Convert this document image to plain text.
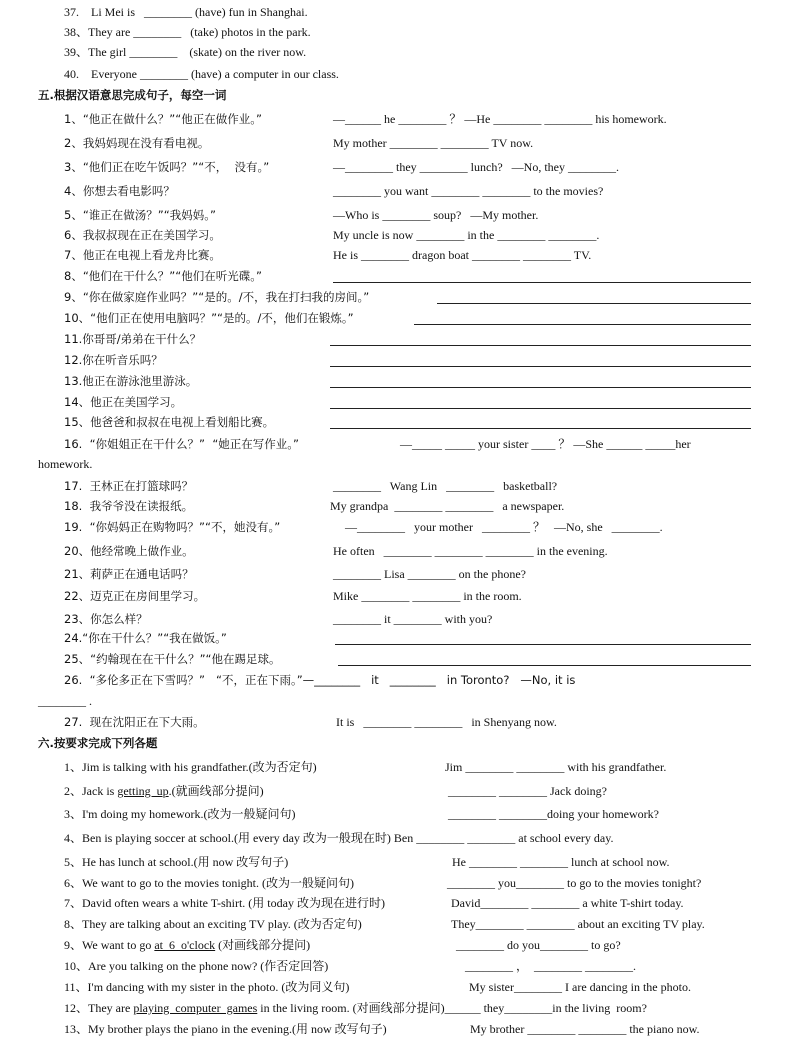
37.    Li Mei is   ________ (have) fun in Shanghai.
38、They are ________   (take) photos in the park.
39、The girl ________    (skate) on the river now.
40.    Everyone ________ (have) a computer in our class.
五.根据汉语意思完成句子，每空一词
1、“他正在做什么？”“他正在做作业。”	—______ he ________ ？ —He ________ ________ his homework.
2、我妈妈现在没有看电视。	My mother ________ ________ TV now.
3、“他们正在吃午饭吗？”“不，  没有。”	—________ they ________ lunch?   —No, they ________.
4、你想去看电影吗？	________ you want ________ ________ to the movies?
5、“谁正在做汤？”“我妈妈。”	—Who is ________ soup?   —My mother.
6、我叔叔现在正在美国学习。	My uncle is now ________ in the ________ ________.
7、他正在电视上看龙舟比赛。	He is ________ dragon boat ________ ________ TV.
8、“他们在干什么？”“他们在听光碟。”
9、“你在做家庭作业吗？”“是的。/不，我在打扫我的房间。”
10、“他们正在使用电脑吗？”“是的。/不，他们在锻炼。”
11.你哥哥/弟弟在干什么？
12.你在听音乐吗？
13.他正在游泳池里游泳。
14、他正在美国学习。
15、他爸爸和叔叔在电视上看划船比赛。
16.  “你姐姐正在干什么？”  “她正在写作业。”	—_____ _____ your sister ____ ？ —She ______ _____her
homework.
17.  王林正在打篮球吗？	________   Wang Lin   ________   basketball?
18.  我爷爷没在读报纸。	My grandpa  ________ ________   a newspaper.
19.  “你妈妈正在购物吗？”“不，她没有。”	—________   your mother   ________ ？   —No, she   ________.
20、他经常晚上做作业。	He often   ________ ________ ________ in the evening.
21、莉萨正在通电话吗？	________ Lisa ________ on the phone?
22、迈克正在房间里学习。	Mike ________ ________ in the room.
23、你怎么样？	________ it ________ with you?
24.“你在干什么？”“我在做饭。”
25、“约翰现在在干什么？”“他在踢足球。
26.  “多伦多正在下雪吗？”   “不，正在下雨。”—________   it   ________   in Toronto?   —No, it is
________ .
27.  现在沈阳正在下大雨。	It is   ________ ________   in Shenyang now.
六.按要求完成下列各题
1、Jim is talking with his grandfather.(改为否定句)	Jim ________ ________ with his grandfather.
2、Jack is getting  up.(就画线部分提问)	________ ________ Jack doing?
3、I'm doing my homework.(改为一般疑问句)	________ ________doing your homework?
4、Ben is playing soccer at school.(用 every day 改为一般现在时) Ben ________ ________ at school every day.
5、He has lunch at school.(用 now 改写句子)	He ________ ________ lunch at school now.
6、We want to go to the movies tonight. (改为一般疑问句)	________ you________ to go to the movies tonight?
7、David often wears a white T-shirt. (用 today 改为现在进行时)	David________ ________ a white T-shirt today.
8、They are talking about an exciting TV play. (改为否定句)	They________ ________ about an exciting TV play.
9、We want to go at  6  o'clock (对画线部分提问)	________ do you________ to go?
10、Are you talking on the phone now? (作否定回答)	________ ，  ________ ________.
11、I'm dancing with my sister in the photo. (改为同义句)	My sister________ I are dancing in the photo.
12、They are playing  computer  games in the living room. (对画线部分提问)______ they________in the living  room?
13、My brother plays the piano in the evening.(用 now 改写句子)	My brother ________ ________ the piano now.
